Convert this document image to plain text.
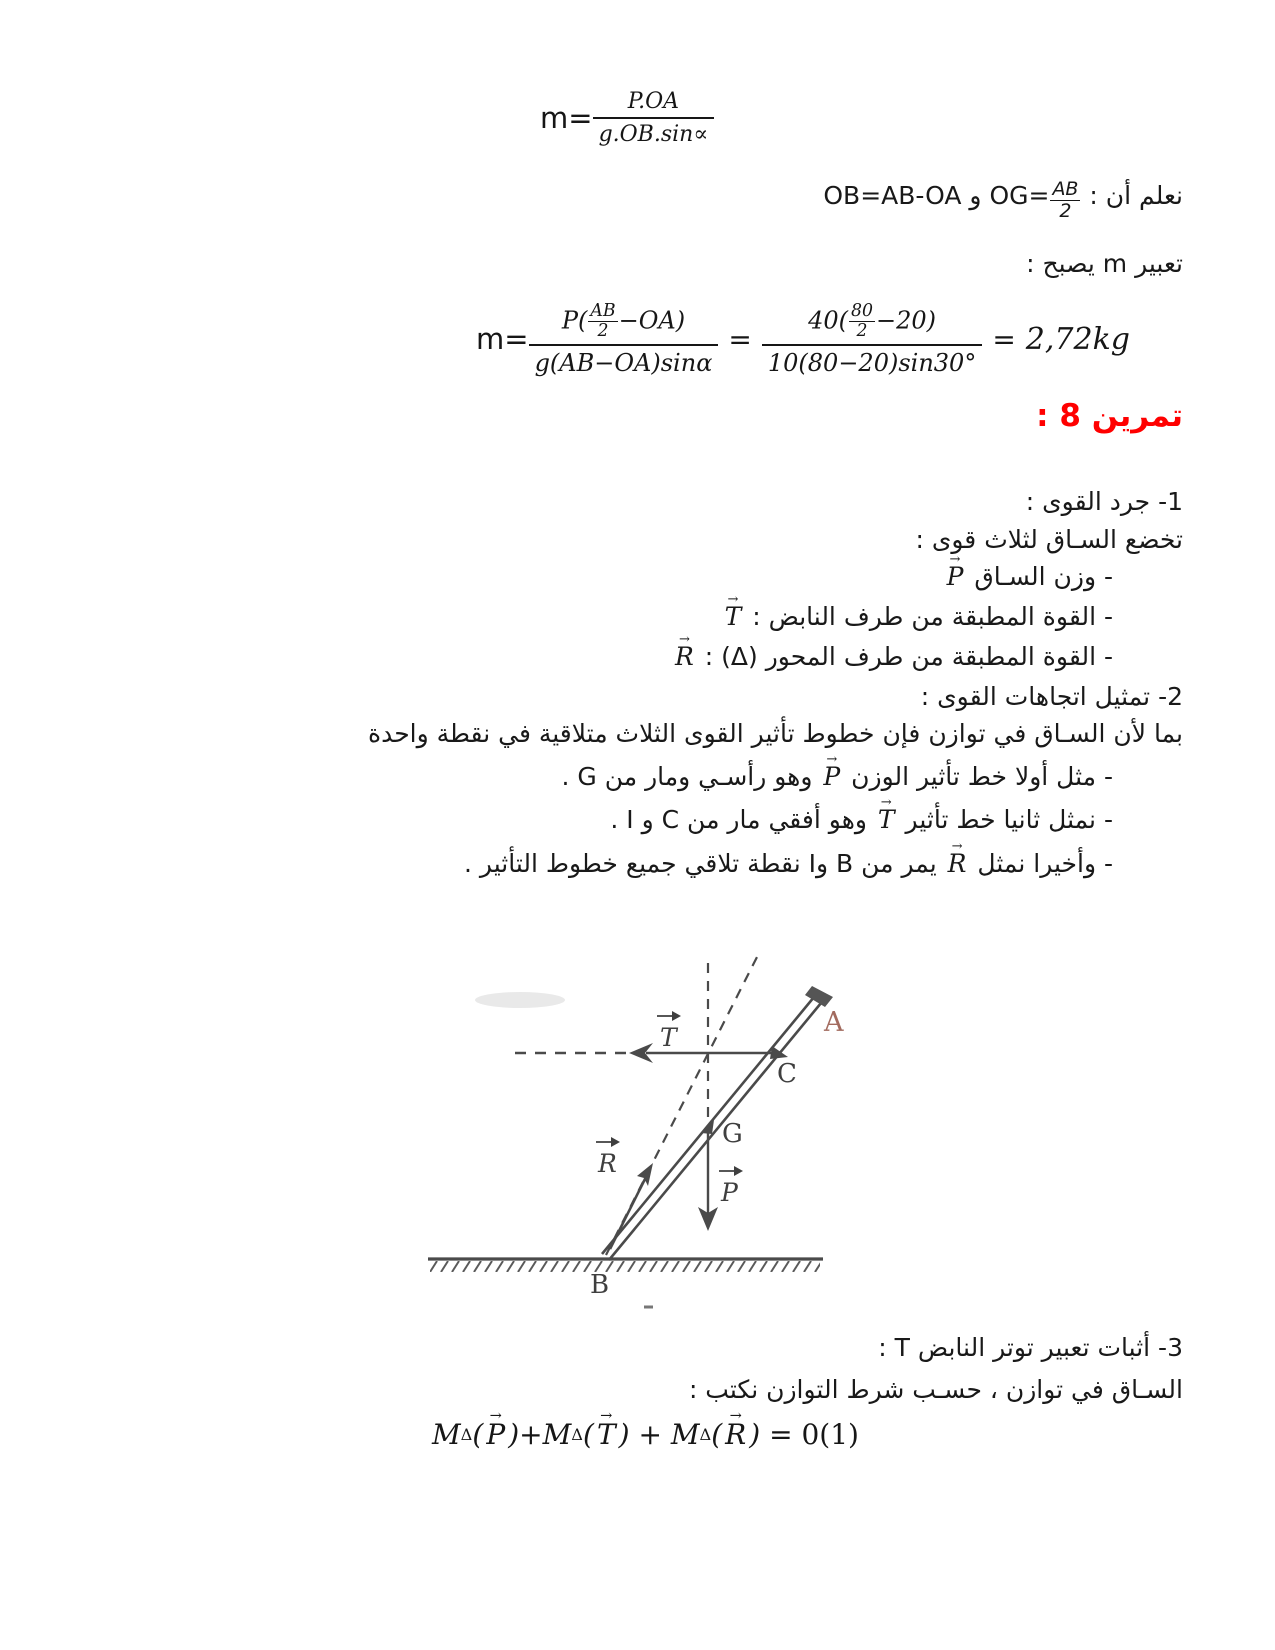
$m= \frac{P.OA}{g.OB.\sin\propto}$
نعلم أن : $OG= \frac{AB}{2}$
و OB=AB-OA
تعبير m يصبح :
$m= \frac{P( \frac{AB}{2} -OA)}{g(AB-OA)\sin\alpha} = \frac{40( \frac{80}{2} -20)}{10(80-20)\sin 30^\circ} = 2,72kg$
تمرين 8 :
1- جرد القوى :
تخضع السـاق لثلاث قوى :
- وزن السـاق P →
- القوة المطبقة من طرف النابض : T →
- القوة المطبقة من طرف المحور (Δ) : R →
2- تمثيل اتجاهات القوى :
بما لأن السـاق في توازن فإن خطوط تأثير القوى الثلاث متلاقية في نقطة واحدة
- مثل أولا خط تأثير الوزن P → وهو رأسـي ومار من G .
- نمثل ثانيا خط تأثير T → وهو أفقي مار من C و I .
- وأخيرا نمثل R → يمر من B وI نقطة تلاقي جميع خطوط التأثير .
A
B
C
G
T
R
P
3- أثبات تعبير توتر النابض T :
السـاق في توازن ، حسـب شرط التوازن نكتب :
M Δ ( P → ) + M Δ ( T → ) + M Δ ( R → ) = 0(1)
